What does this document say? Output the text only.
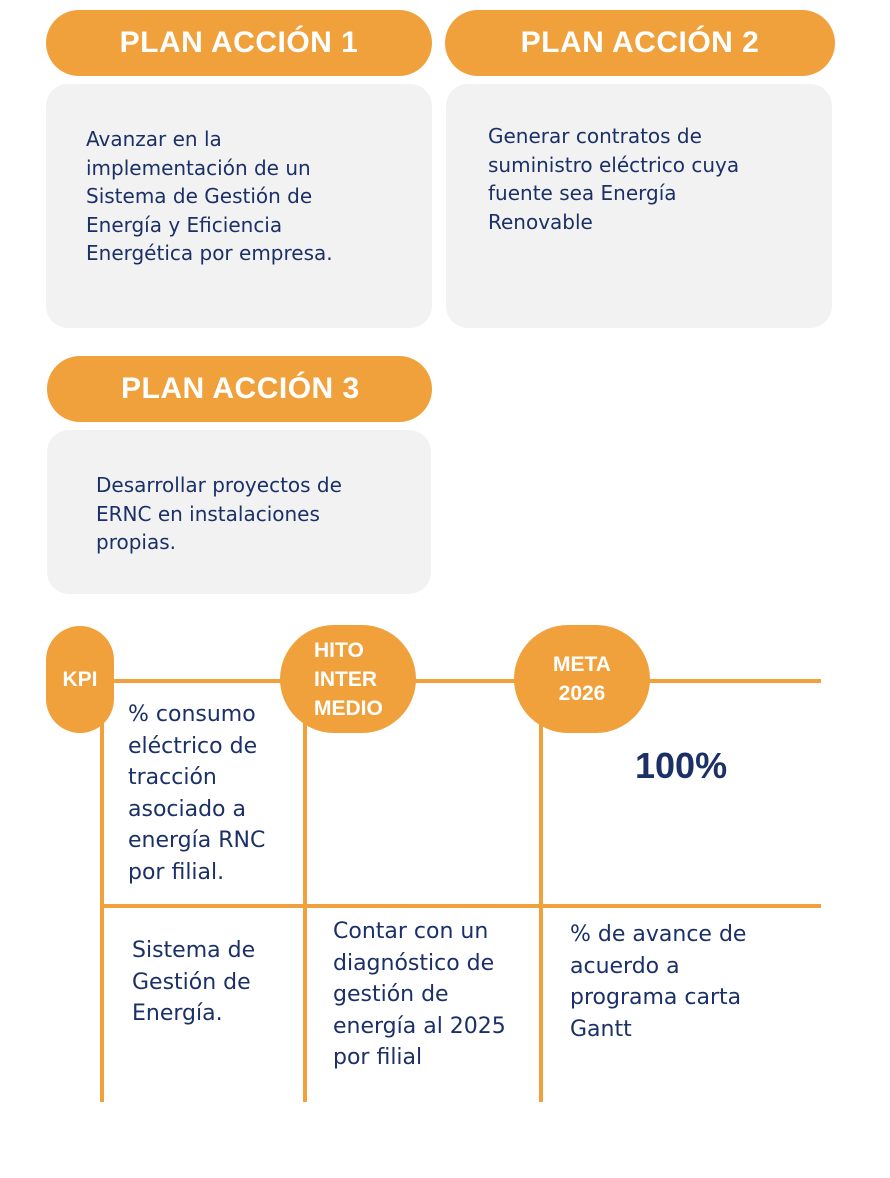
PLAN ACCIÓN 1
Avanzar en la implementación de un Sistema de Gestión de Energía y Eficiencia Energética por empresa.
PLAN ACCIÓN 2
Generar contratos de suministro eléctrico cuya fuente sea Energía Renovable
PLAN ACCIÓN 3
Desarrollar proyectos de ERNC en instalaciones propias.
KPI
HITO INTER MEDIO
META 2026
% consumo eléctrico de tracción asociado a energía RNC por filial.
100%
Sistema de Gestión de Energía.
Contar con un diagnóstico de gestión de energía al 2025 por filial
% de avance de acuerdo a programa carta Gantt
